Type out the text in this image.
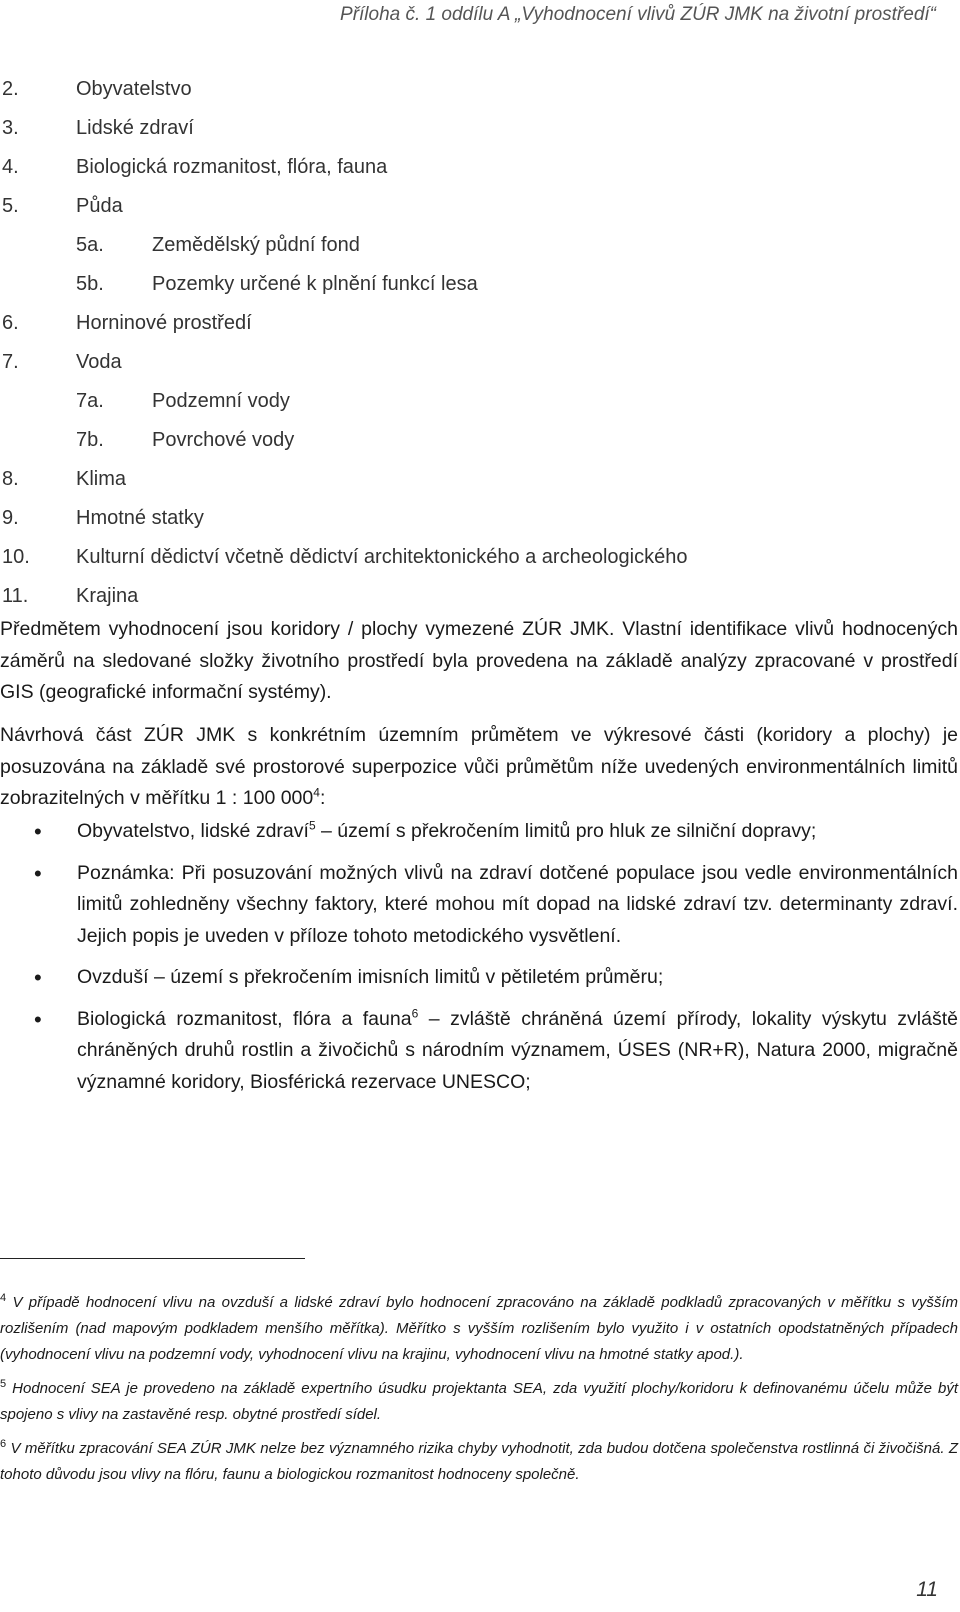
Příloha č. 1 oddílu A „Vyhodnocení vlivů ZÚR JMK na životní prostředí“
2.	Obyvatelstvo
3.	Lidské zdraví
4.	Biologická rozmanitost, flóra, fauna
5.	Půda
5a. Zemědělský půdní fond
5b. Pozemky určené k plnění funkcí lesa
6.	Horninové prostředí
7.	Voda
7a. Podzemní vody
7b. Povrchové vody
8.	Klima
9.	Hmotné statky
10. Kulturní dědictví včetně dědictví architektonického a archeologického
11. Krajina

Předmětem vyhodnocení jsou koridory / plochy vymezené ZÚR JMK. Vlastní identifikace vlivů hodnocených záměrů na sledované složky životního prostředí byla provedena na základě analýzy zpracované v prostředí GIS (geografické informační systémy).

Návrhová část ZÚR JMK s konkrétním územním průmětem ve výkresové části (koridory a plochy) je posuzována na základě své prostorové superpozice vůči průmětům níže uvedených environmentálních limitů zobrazitelných v měřítku 1 : 100 $000^4$:

• Obyvatelstvo, lidské zdraví$^5$ – území s překročením limitů pro hluk ze silniční dopravy;
• Poznámka: Při posuzování možných vlivů na zdraví dotčené populace jsou vedle environmentálních limitů zohledněny všechny faktory, které mohou mít dopad na lidské zdraví tzv. determinanty zdraví. Jejich popis je uveden v příloze tohoto metodického vysvětlení.
• Ovzduší – území s překročením imisních limitů v pětiletém průměru;
• Biologická rozmanitost, flóra a fauna$^6$ – zvláště chráněná území přírody, lokality výskytu zvláště chráněných druhů rostlin a živočichů s národním významem, ÚSES (NR+R), Natura 2000, migračně významné koridory, Biosférická rezervace UNESCO;

$^4$ V případě hodnocení vlivu na ovzduší a lidské zdraví bylo hodnocení zpracováno na základě podkladů zpracovaných v měřítku s vyšším rozlišením (nad mapovým podkladem menšího měřítka). Měřítko s vyšším rozlišením bylo využito i v ostatních opodstatněných případech (vyhodnocení vlivu na podzemní vody, vyhodnocení vlivu na krajinu, vyhodnocení vlivu na hmotné statky apod.).

$^5$ Hodnocení SEA je provedeno na základě expertního úsudku projektanta SEA, zda využití plochy/koridoru k definovanému účelu může být spojeno s vlivy na zastavěné resp. obytné prostředí sídel.

$^6$ V měřítku zpracování SEA ZÚR JMK nelze bez významného rizika chyby vyhodnotit, zda budou dotčena společenstva rostlinná či živočišná. Z tohoto důvodu jsou vlivy na flóru, faunu a biologickou rozmanitost hodnoceny společně.

11
